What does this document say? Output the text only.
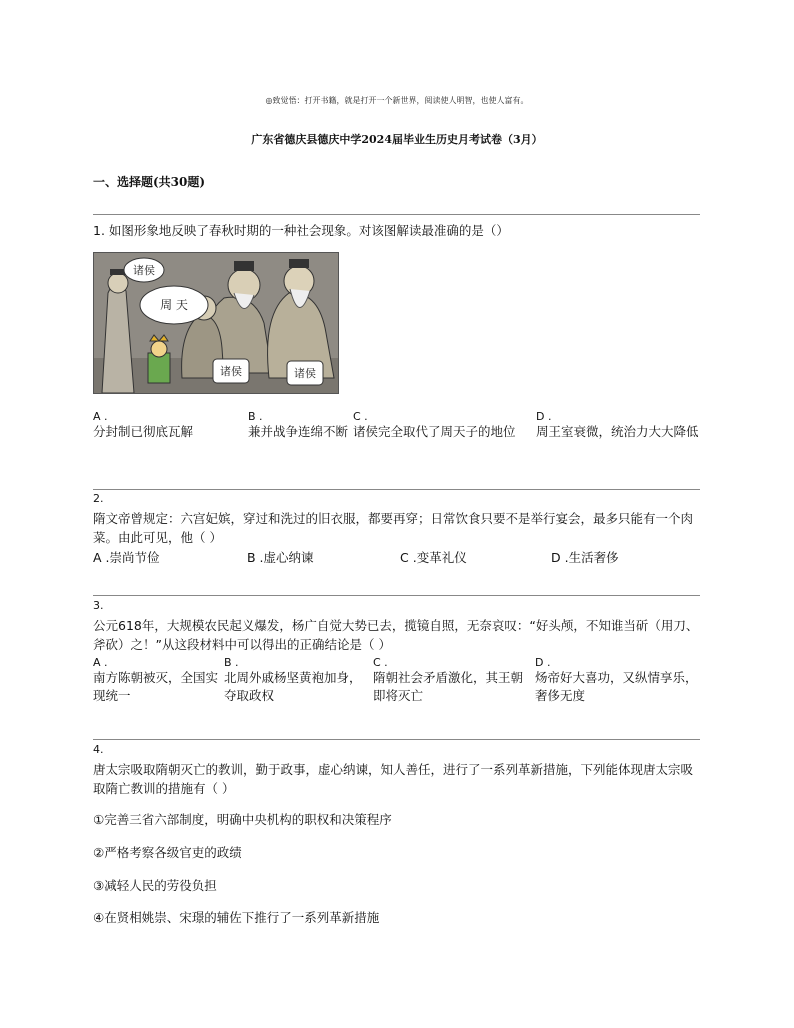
◎致觉悟：打开书籍，就是打开一个新世界，阅读使人明智，也使人富有。
广东省德庆县德庆中学2024届毕业生历史月考试卷（3月）
一、选择题(共30题)
1. 如图形象地反映了春秋时期的一种社会现象。对该图解读最准确的是（）
诸侯
周 天
诸侯	诸侯
A .
分封制已彻底瓦解
B .
兼并战争连绵不断
C .
诸侯完全取代了周天子的地位
D .
周王室衰微，统治力大大降低
2.
隋文帝曾规定：六宫妃嫔，穿过和洗过的旧衣服，都要再穿；日常饮食只要不是举行宴会，最多只能有一个肉菜。由此可见，他（ ）
A .崇尚节俭	B .虚心纳谏	C .变革礼仪	D .生活奢侈
3.
公元618年，大规模农民起义爆发，杨广自觉大势已去，揽镜自照，无奈哀叹：“好头颅，不知谁当斫（用刀、斧砍）之！”从这段材料中可以得出的正确结论是（ ）
A .
南方陈朝被灭，全国实现统一
B .
北周外戚杨坚黄袍加身，夺取政权
C .
隋朝社会矛盾激化，其王朝即将灭亡
D .
炀帝好大喜功，又纵情享乐，奢侈无度
4.
唐太宗吸取隋朝灭亡的教训，勤于政事，虚心纳谏，知人善任，进行了一系列革新措施，下列能体现唐太宗吸取隋亡教训的措施有（ ）
①完善三省六部制度，明确中央机构的职权和决策程序
②严格考察各级官吏的政绩
③减轻人民的劳役负担
④在贤相姚崇、宋璟的辅佐下推行了一系列革新措施
